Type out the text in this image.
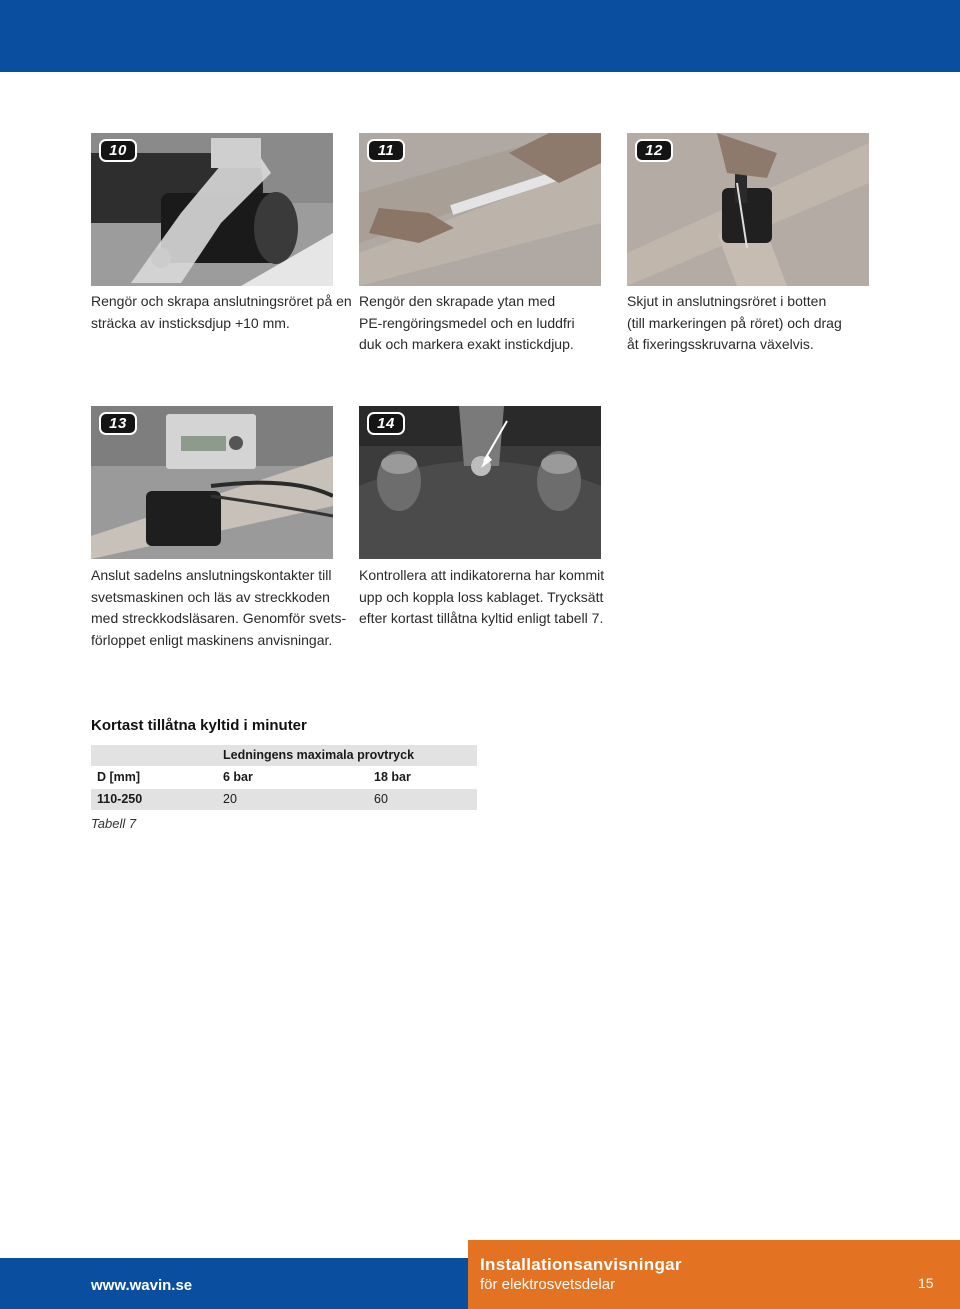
10	11	12
Rengör och skrapa anslutningsröret på en
sträcka av insticksdjup +10 mm.
Rengör den skrapade ytan med
PE-rengöringsmedel och en luddfri
duk och markera exakt instickdjup.
Skjut in anslutningsröret i botten
(till markeringen på röret) och drag
åt fixeringsskruvarna växelvis.
13	14
Anslut sadelns anslutningskontakter till
svetsmaskinen och läs av streckkoden
med streckkodsläsaren. Genomför svets-
förloppet enligt maskinens anvisningar.
Kontrollera att indikatorerna har kommit
upp och koppla loss kablaget. Trycksätt
efter kortast tillåtna kyltid enligt tabell 7.
Kortast tillåtna kyltid i minuter
Ledningens maximala provtryck
D [mm]	6 bar	18 bar
110-250	20	60
Tabell 7
www.wavin.se
Installationsanvisningar
för elektrosvetsdelar	15
